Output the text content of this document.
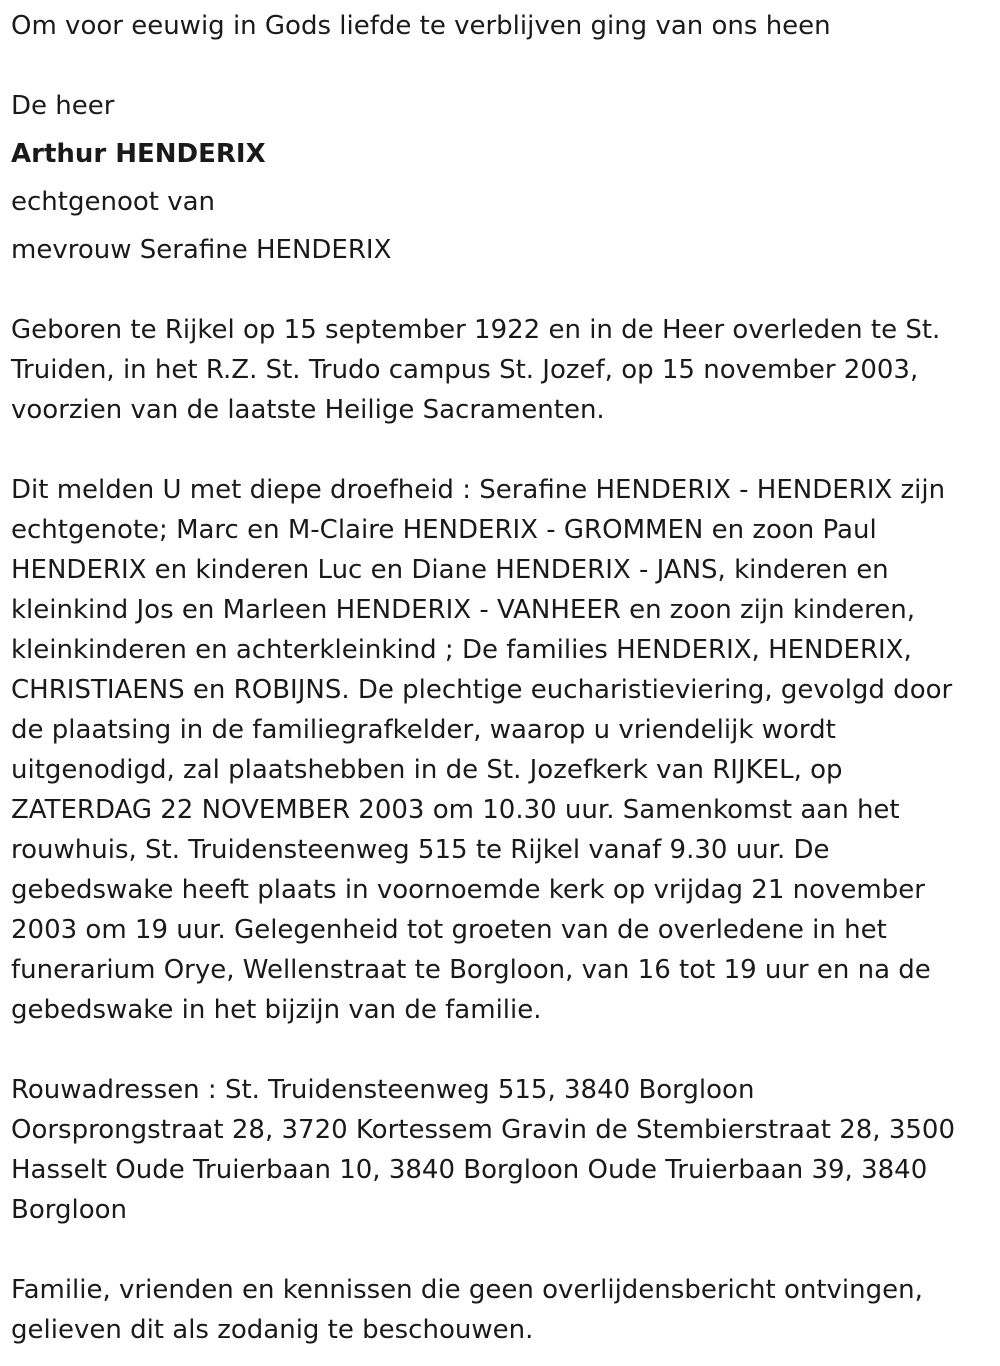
Om voor eeuwig in Gods liefde te verblijven ging van ons heen
De heer
Arthur HENDERIX
echtgenoot van
mevrouw Serafine HENDERIX
Geboren te Rijkel op 15 september 1922 en in de Heer overleden te St.
Truiden, in het R.Z. St. Trudo campus St. Jozef, op 15 november 2003,
voorzien van de laatste Heilige Sacramenten.
Dit melden U met diepe droefheid : Serafine HENDERIX - HENDERIX zijn
echtgenote; Marc en M-Claire HENDERIX - GROMMEN en zoon Paul
HENDERIX en kinderen Luc en Diane HENDERIX - JANS, kinderen en
kleinkind Jos en Marleen HENDERIX - VANHEER en zoon zijn kinderen,
kleinkinderen en achterkleinkind ; De families HENDERIX, HENDERIX,
CHRISTIAENS en ROBIJNS. De plechtige eucharistieviering, gevolgd door
de plaatsing in de familiegrafkelder, waarop u vriendelijk wordt
uitgenodigd, zal plaatshebben in de St. Jozefkerk van RIJKEL, op
ZATERDAG 22 NOVEMBER 2003 om 10.30 uur. Samenkomst aan het
rouwhuis, St. Truidensteenweg 515 te Rijkel vanaf 9.30 uur. De
gebedswake heeft plaats in voornoemde kerk op vrijdag 21 november
2003 om 19 uur. Gelegenheid tot groeten van de overledene in het
funerarium Orye, Wellenstraat te Borgloon, van 16 tot 19 uur en na de
gebedswake in het bijzijn van de familie.
Rouwadressen : St. Truidensteenweg 515, 3840 Borgloon
Oorsprongstraat 28, 3720 Kortessem Gravin de Stembierstraat 28, 3500
Hasselt Oude Truierbaan 10, 3840 Borgloon Oude Truierbaan 39, 3840
Borgloon
Familie, vrienden en kennissen die geen overlijdensbericht ontvingen,
gelieven dit als zodanig te beschouwen.
